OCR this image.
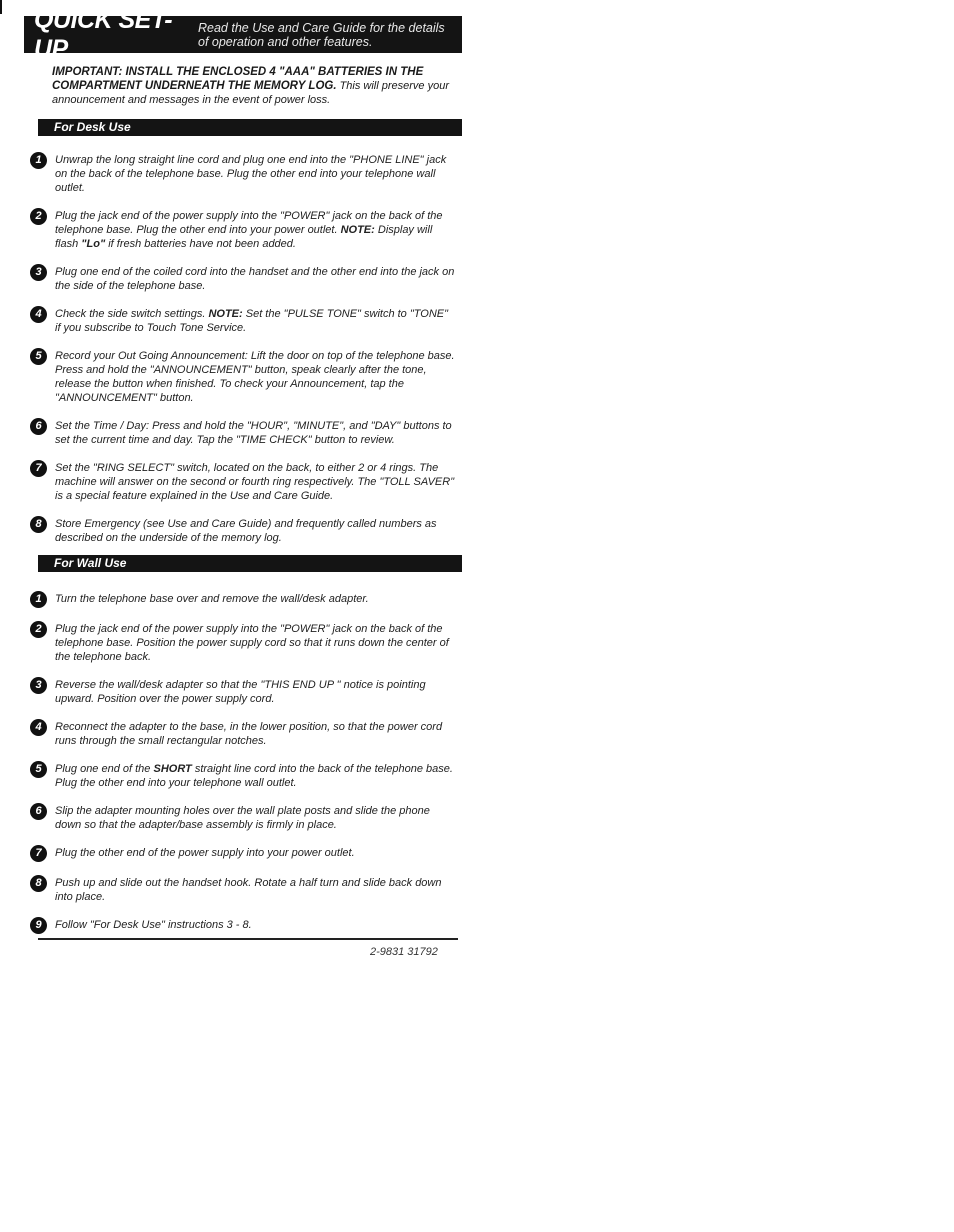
QUICK SET-UP
Read the Use and Care Guide for the details of operation and other features.
IMPORTANT: INSTALL THE ENCLOSED 4 "AAA" BATTERIES IN THE COMPARTMENT UNDERNEATH THE MEMORY LOG. This will preserve your announcement and messages in the event of power loss.
For Desk Use
1	Unwrap the long straight line cord and plug one end into the "PHONE LINE" jack on the back of the telephone base. Plug the other end into your telephone wall outlet.
2	Plug the jack end of the power supply into the "POWER" jack on the back of the telephone base. Plug the other end into your power outlet. NOTE: Display will flash "Lo" if fresh batteries have not been added.
3	Plug one end of the coiled cord into the handset and the other end into the jack on the side of the telephone base.
4	Check the side switch settings. NOTE: Set the "PULSE TONE" switch to "TONE" if you subscribe to Touch Tone Service.
5	Record your Out Going Announcement: Lift the door on top of the telephone base. Press and hold the "ANNOUNCEMENT" button, speak clearly after the tone, release the button when finished. To check your Announcement, tap the "ANNOUNCEMENT" button.
6	Set the Time / Day: Press and hold the "HOUR", "MINUTE", and "DAY" buttons to set the current time and day. Tap the "TIME CHECK" button to review.
7	Set the "RING SELECT" switch, located on the back, to either 2 or 4 rings. The machine will answer on the second or fourth ring respectively. The "TOLL SAVER" is a special feature explained in the Use and Care Guide.
8	Store Emergency (see Use and Care Guide) and frequently called numbers as described on the underside of the memory log.
For Wall Use
1	Turn the telephone base over and remove the wall/desk adapter.
2	Plug the jack end of the power supply into the "POWER" jack on the back of the telephone base. Position the power supply cord so that it runs down the center of the telephone back.
3	Reverse the wall/desk adapter so that the "THIS END UP " notice is pointing upward. Position over the power supply cord.
4	Reconnect the adapter to the base, in the lower position, so that the power cord runs through the small rectangular notches.
5	Plug one end of the SHORT straight line cord into the back of the telephone base. Plug the other end into your telephone wall outlet.
6	Slip the adapter mounting holes over the wall plate posts and slide the phone down so that the adapter/base assembly is firmly in place.
7	Plug the other end of the power supply into your power outlet.
8	Push up and slide out the handset hook. Rotate a half turn and slide back down into place.
9	Follow "For Desk Use" instructions 3 - 8.
2-9831 31792
